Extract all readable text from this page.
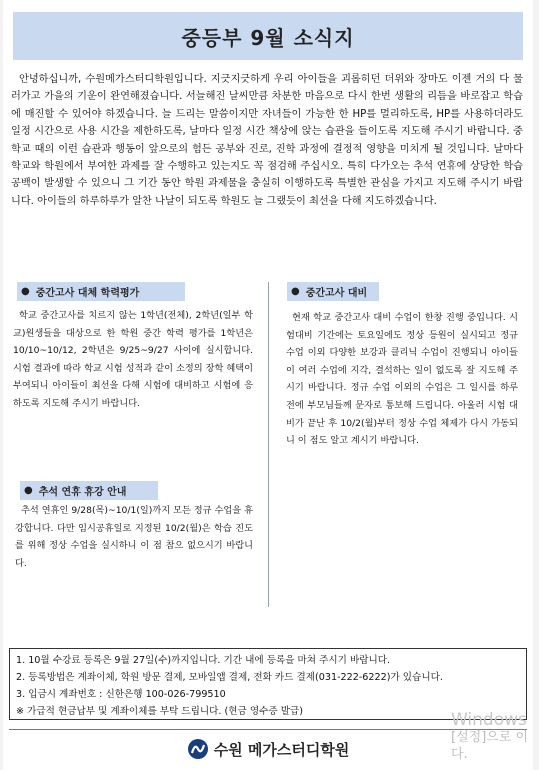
중등부 9월 소식지

안녕하십니까, 수원메가스터디학원입니다. 지긋지긋하게 우리 아이들을 괴롭히던 더위와 장마도 이젠 거의 다 물러가고 가을의 기운이 완연해졌습니다. 서늘해진 날씨만큼 차분한 마음으로 다시 한번 생활의 리듬을 바로잡고 학습에 매진할 수 있어야 하겠습니다. 늘 드리는 말씀이지만 자녀들이 가능한 한 HP를 멀리하도록, HP를 사용하더라도 일정 시간으로 사용 시간을 제한하도록, 날마다 일정 시간 책상에 앉는 습관을 들이도록 지도해 주시기 바랍니다. 중학교 때의 이런 습관과 행동이 앞으로의 험든 공부와 진로, 진학 과정에 결정적 영향을 미치게 될 것입니다. 날마다 학교와 학원에서 부여한 과제를 잘 수행하고 있는지도 꼭 점검해 주십시오. 특히 다가오는 추석 연휴에 상당한 학습 공백이 발생할 수 있으니 그 기간 동안 학원 과제물을 충실히 이행하도록 특별한 관심을 가지고 지도해 주시기 바랍니다. 아이들의 하루하루가 알찬 나날이 되도록 학원도 늘 그랬듯이 최선을 다해 지도하겠습니다.

● 중간고사 대체 학력평가
학교 중간고사를 치르지 않는 1학년(전체), 2학년(일부 학교)원생들을 대상으로 한 학원 중간 학력 평가를 1학년은 10/10~10/12, 2학년은 9/25~9/27 사이에 실시합니다. 시험 결과에 따라 학교 시험 성적과 같이 소정의 장학 혜택이 부여되니 아이들이 최선을 다해 시험에 대비하고 시험에 응하도록 지도해 주시기 바랍니다.
● 중간고사 대비
현재 학교 중간고사 대비 수업이 한창 진행 중입니다. 시험대비 기간에는 토요일에도 정상 등원이 실시되고 정규 수업 이외 다양한 보강과 클리닉 수업이 진행되니 아이들이 여러 수업에 지각, 결석하는 일이 없도록 잘 지도해 주시기 바랍니다. 정규 수업 이외의 수업은 그 일시를 하루 전에 부모님들께 문자로 통보해 드립니다. 아울러 시험 대비가 끝난 후 10/2(월)부터 정상 수업 체제가 다시 가동되니 이 점도 알고 계시기 바랍니다.
● 추석 연휴 휴강 안내
추석 연휴인 9/28(목)~10/1(일)까지 모든 정규 수업을 휴강합니다. 다만 임시공휴일로 지정된 10/2(월)은 학습 진도를 위해 정상 수업을 실시하니 이 점 참으 없으시기 바랍니다.
1. 10월 수강료 등록은 9월 27일(수)까지입니다. 기간 내에 등록을 마쳐 주시기 바랍니다.
2. 등록방법은 계좌이체, 학원 방문 결제, 모바일앱 결제, 전화 카드 결제(031-222-6222)가 있습니다.
3. 입금시 계좌번호 : 신한은행 100-026-799510
※ 가급적 현금납부 및 계좌이체를 부탁 드립니다. (현금 영수증 발급)
수원 메가스터디학원
Windows
[설정]으로 이
다.
